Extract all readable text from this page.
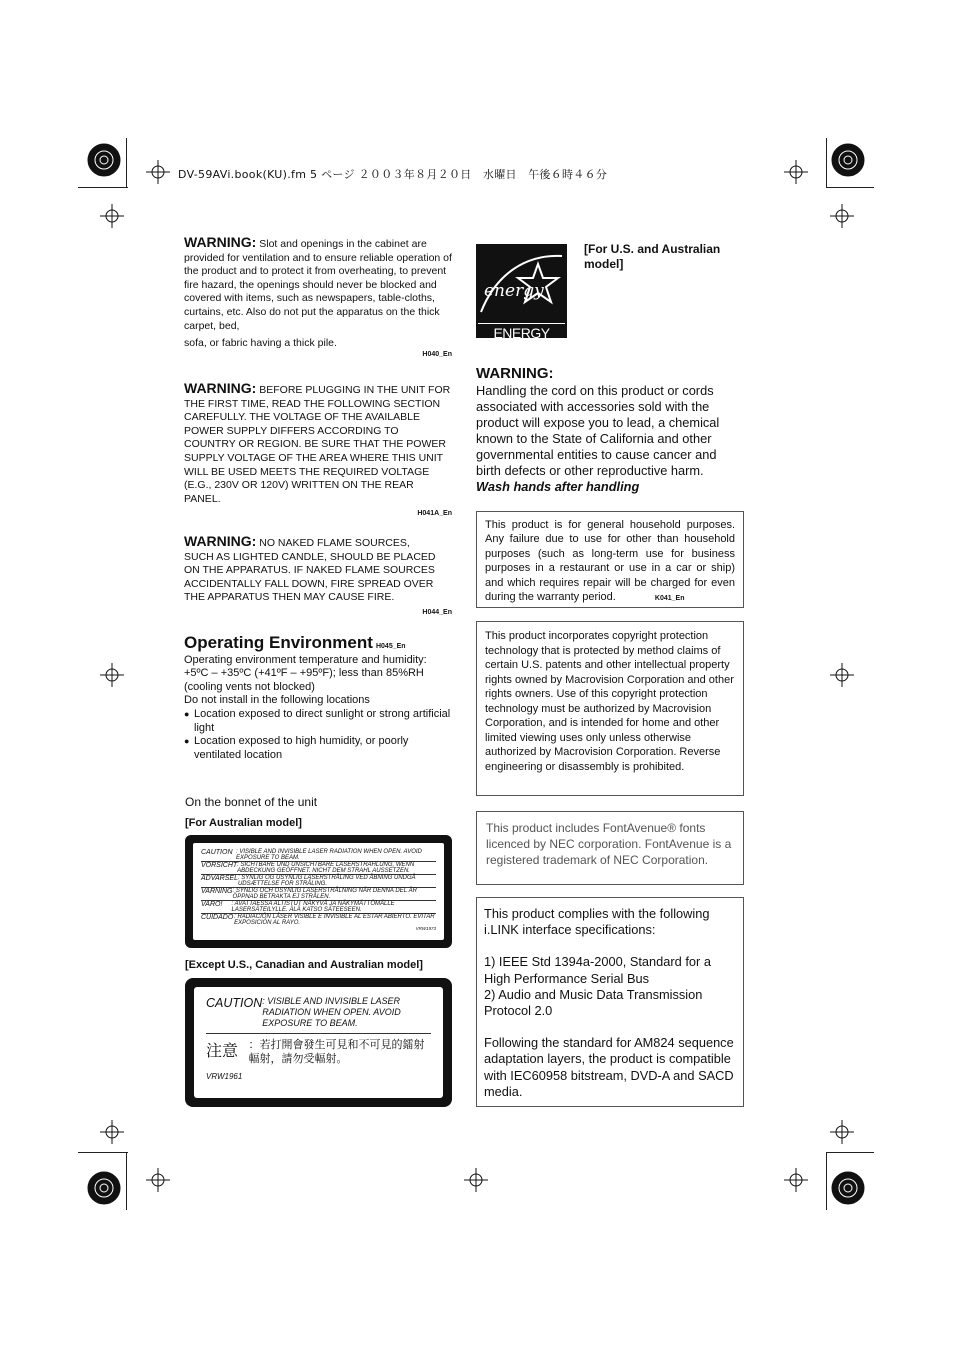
DV-59AVi.book(KU).fm 5 ページ ２００３年８月２０日　水曜日　午後６時４６分
WARNING: Slot and openings in the cabinet are provided for ventilation and to ensure reliable operation of the product and to protect it from overheating, to prevent fire hazard, the openings should never be blocked and covered with items, such as newspapers, table-cloths, curtains, etc. Also do not put the apparatus on the thick carpet, bed,
sofa, or fabric having a thick pile.
H040_En
WARNING: BEFORE PLUGGING IN THE UNIT FOR THE FIRST TIME, READ THE FOLLOWING SECTION CAREFULLY. THE VOLTAGE OF THE AVAILABLE POWER SUPPLY DIFFERS ACCORDING TO COUNTRY OR REGION. BE SURE THAT THE POWER SUPPLY VOLTAGE OF THE AREA WHERE THIS UNIT WILL BE USED MEETS THE REQUIRED VOLTAGE (E.G., 230V OR 120V) WRITTEN ON THE REAR PANEL.
H041A_En
WARNING: NO NAKED FLAME SOURCES,
SUCH AS LIGHTED CANDLE, SHOULD BE PLACED ON THE APPARATUS. IF NAKED FLAME SOURCES ACCIDENTALLY FALL DOWN, FIRE SPREAD OVER THE APPARATUS THEN MAY CAUSE FIRE.
H044_En
Operating Environment H045_En
Operating environment temperature and humidity:
+5ºC – +35ºC (+41ºF – +95ºF); less than 85%RH (cooling vents not blocked)
Do not install in the following locations
● Location exposed to direct sunlight or strong artificial light
● Location exposed to high humidity, or poorly ventilated location
On the bonnet of the unit
[For Australian model]
CAUTION : VISIBLE AND INVISIBLE LASER RADIATION WHEN OPEN. AVOID EXPOSURE TO BEAM.
VORSICHT : SICHTBARE UND UNSICHTBARE LASERSTRAHLUNG, WENN ABDECKUNG GEÖFFNET. NICHT DEM STRAHL AUSSETZEN.
ADVARSEL : SYNLIG OG USYNLIG LASERSTRÅLING VED ÅBNING UNDGÅ UDSÆTTELSE FOR STRÅLING.
VARNING : SYNLIG OCH OSYNLIG LASERSTRÅLNING NÄR DENNA DEL ÄR ÖPPNAD BETRAKTA EJ STRÅLEN.
VARO!	: AVATTAESSA ALTISTUT NÄKYVÄ JA NÄKYMÄTTÖMÄLLE LASERSÄTEILYLLE. ÄLÄ KATSO SÄTEESEEN.
CUIDADO : RADIACIÓN LÁSER VISIBLE E INVISIBLE AL ESTAR ABIERTO. EVITAR EXPOSICIÓN AL RAYO.
VRW1973
[Except U.S., Canadian and Australian model]
CAUTION : VISIBLE AND INVISIBLE LASER RADIATION WHEN OPEN. AVOID EXPOSURE TO BEAM.
注意 ：若打開會發生可見和不可見的鐳射輻射，請勿受輻射。
VRW1961
energy
ENERGY STAR
[For U.S. and Australian model]
WARNING:
Handling the cord on this product or cords associated with accessories sold with the product will expose you to lead, a chemical known to the State of California and other governmental entities to cause cancer and birth defects or other reproductive harm.
Wash hands after handling
This product is for general household purposes. Any failure due to use for other than household purposes (such as long-term use for business purposes in a restaurant or use in a car or ship) and which requires repair will be charged for even during the warranty period.	K041_En
This product incorporates copyright protection technology that is protected by method claims of certain U.S. patents and other intellectual property rights owned by Macrovision Corporation and other rights owners. Use of this copyright protection technology must be authorized by Macrovision Corporation, and is intended for home and other limited viewing uses only unless otherwise authorized by Macrovision Corporation. Reverse engineering or disassembly is prohibited.
This product includes FontAvenue® fonts licenced by NEC corporation. FontAvenue is a registered trademark of NEC Corporation.
This product complies with the following i.LINK interface specifications:
1) IEEE Std 1394a-2000, Standard for a High Performance Serial Bus
2) Audio and Music Data Transmission Protocol 2.0
Following the standard for AM824 sequence adaptation layers, the product is compatible with IEC60958 bitstream, DVD-A and SACD media.
